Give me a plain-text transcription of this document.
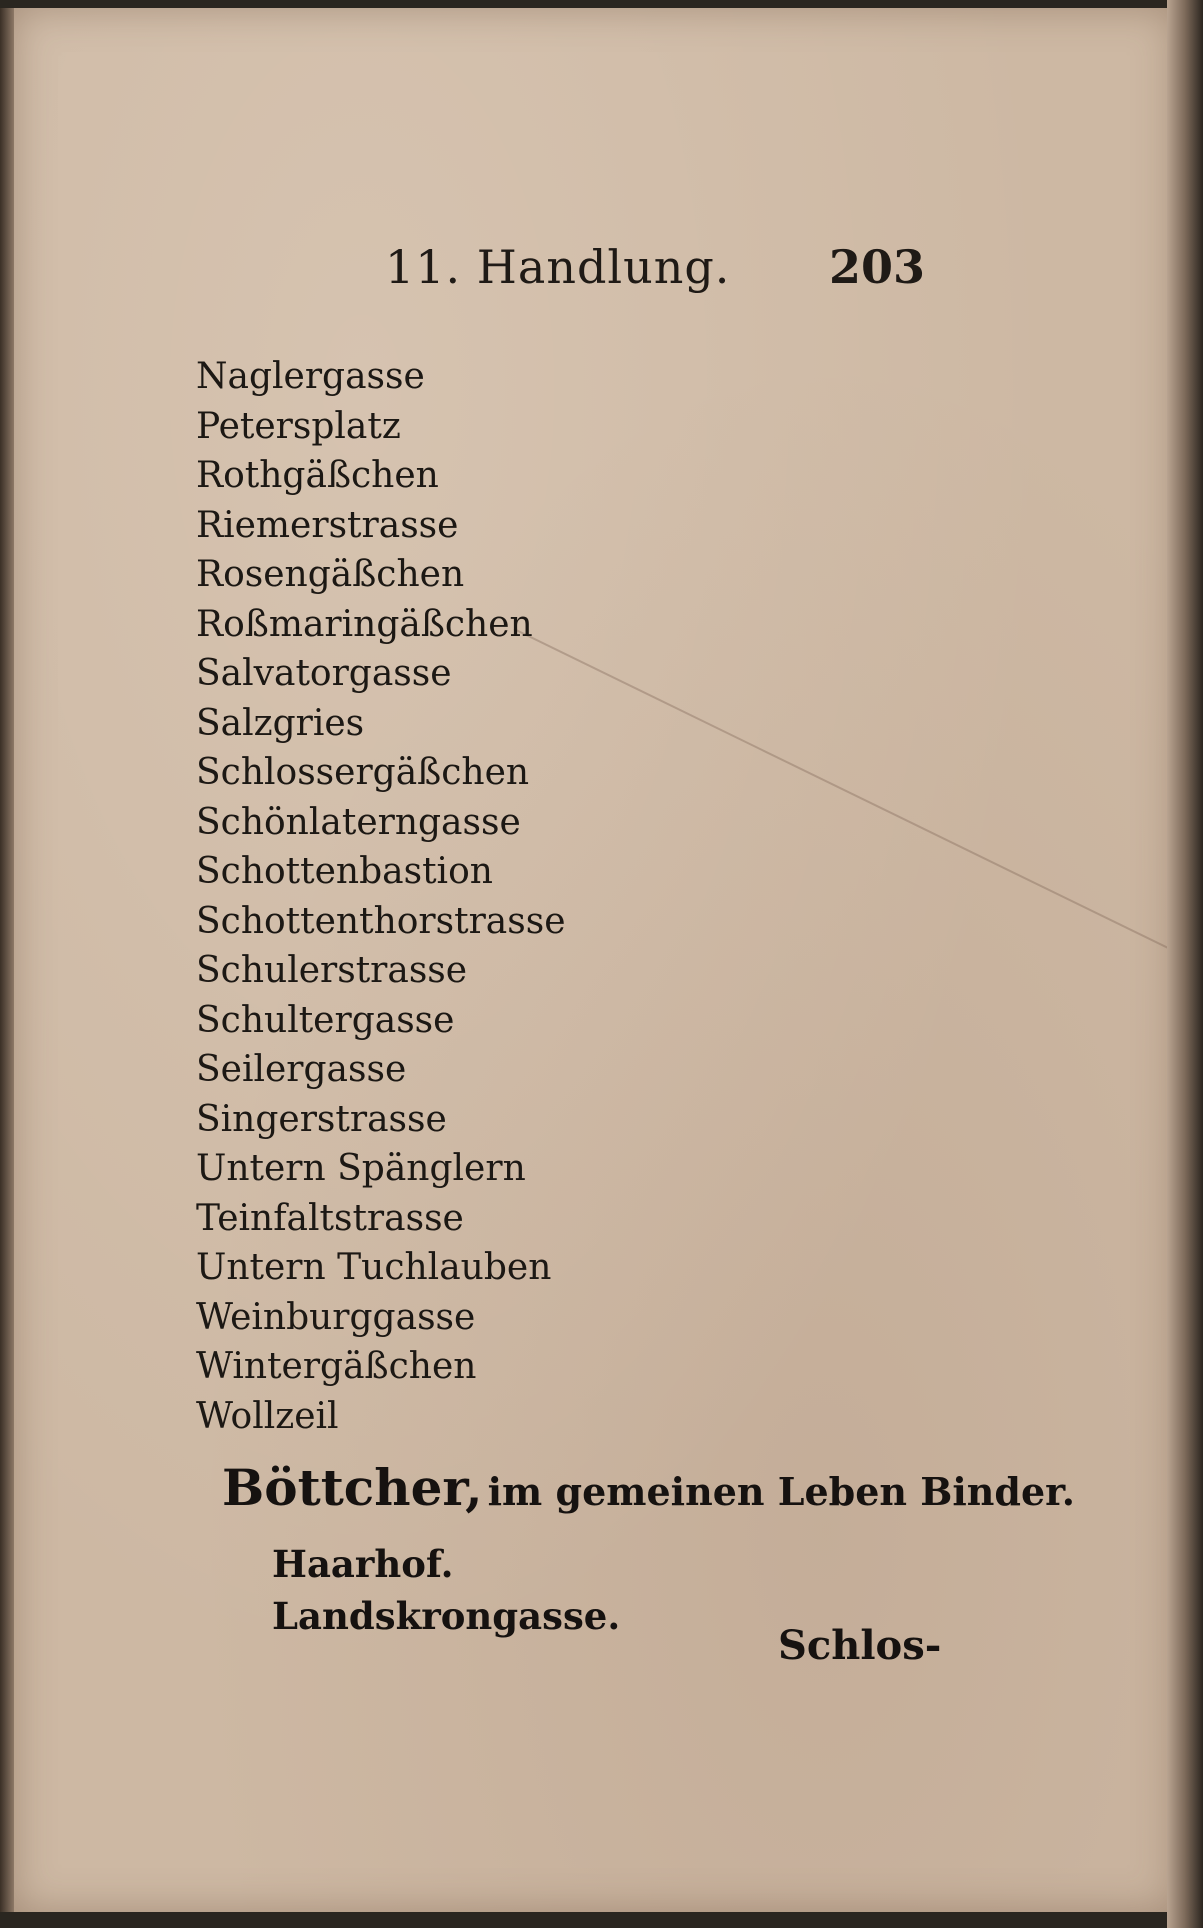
11. Handlung. 203
Naglergasse
Petersplatz
Rothgäßchen
Riemerstrasse
Rosengäßchen
Roßmaringäßchen
Salvatorgasse
Salzgries
Schlossergäßchen
Schönlaterngasse
Schottenbastion
Schottenthorstrasse
Schulerstrasse
Schultergasse
Seilergasse
Singerstrasse
Untern Spänglern
Teinfaltstrasse
Untern Tuchlauben
Weinburggasse
Wintergäßchen
Wollzeil
Böttcher, im gemeinen Leben Binder.
Haarhof.
Landskrongasse.
Schlos-
